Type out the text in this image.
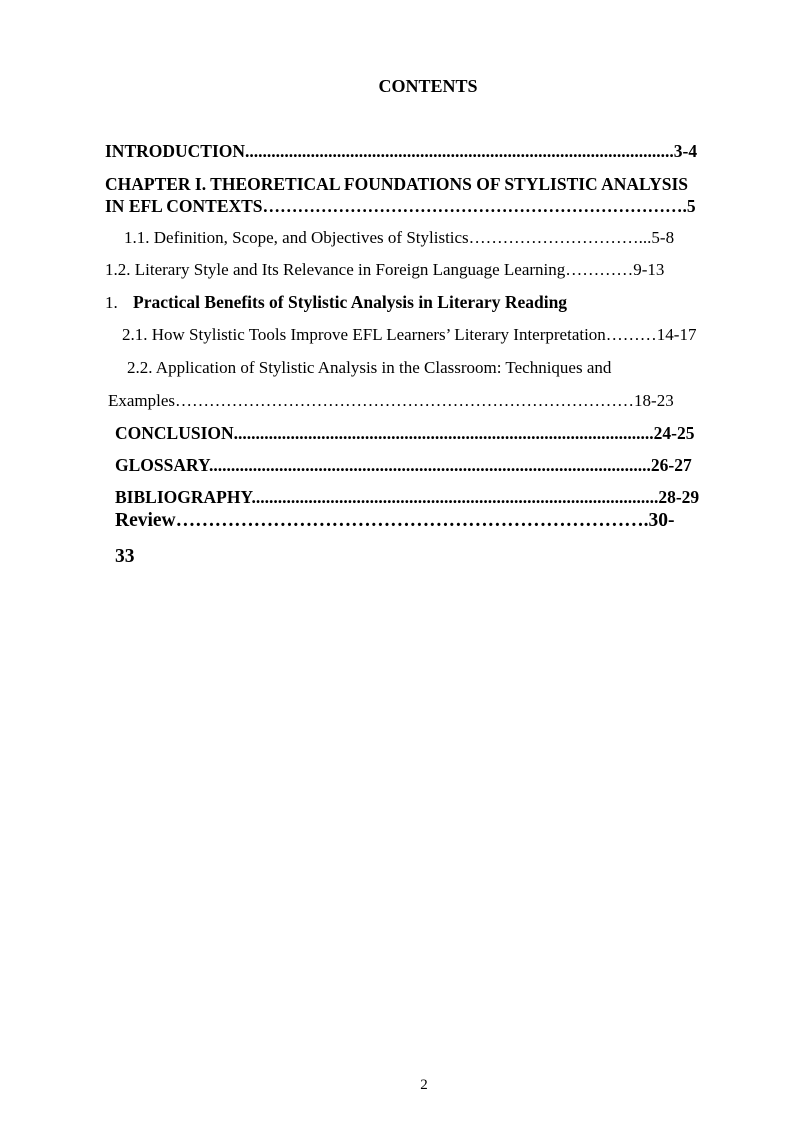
CONTENTS

INTRODUCTION..................................................................................................3-4

CHAPTER I. THEORETICAL FOUNDATIONS OF STYLISTIC ANALYSIS

IN EFL CONTEXTS……………………………………………………………….5

1.1. Definition, Scope, and Objectives of Stylistics…………………………...5-8

1.2. Literary Style and Its Relevance in Foreign Language Learning…………9-13

1. Practical Benefits of Stylistic Analysis in Literary Reading

2.1. How Stylistic Tools Improve EFL Learners’ Literary Interpretation………14-17

2.2. Application of Stylistic Analysis in the Classroom: Techniques and

Examples………………………………………………………………………18-23

CONCLUSION................................................................................................24-25

GLOSSARY.....................................................................................................26-27

BIBLIOGRAPHY.............................................................................................28-29

Review……………………………………………………………….30-

33

2
